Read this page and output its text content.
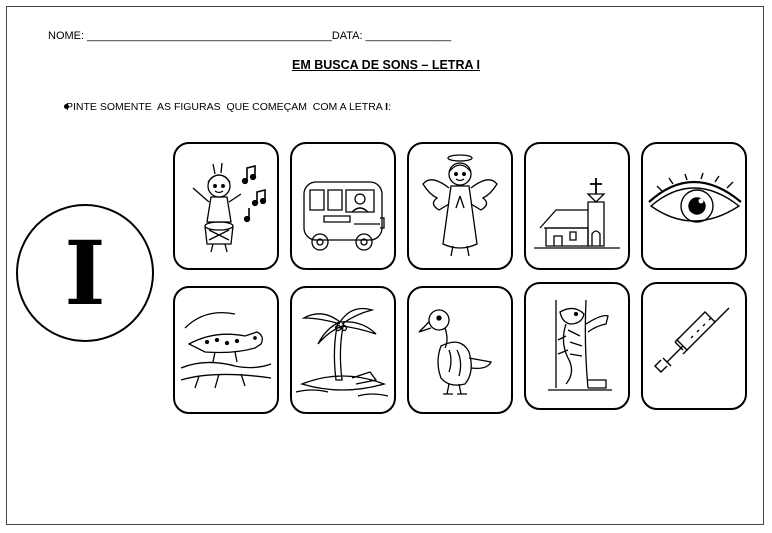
NOME: ________________________________________DATA: ______________
EM BUSCA DE SONS – LETRA I
PINTE SOMENTE  AS FIGURAS  QUE COMEÇAM  COM A LETRA I:
I
